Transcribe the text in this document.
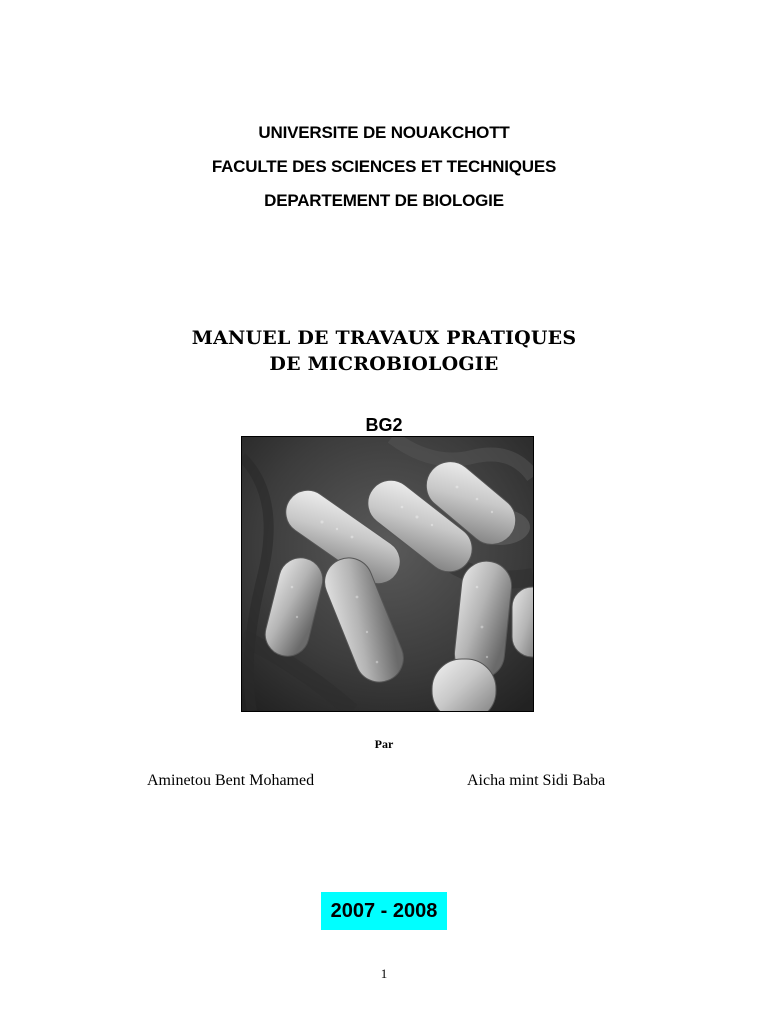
UNIVERSITE DE NOUAKCHOTT
FACULTE DES SCIENCES ET TECHNIQUES
DEPARTEMENT DE BIOLOGIE
MANUEL DE TRAVAUX PRATIQUES
DE MICROBIOLOGIE
BG2
Par
Aminetou Bent Mohamed	Aicha mint Sidi Baba
2007 - 2008
1
